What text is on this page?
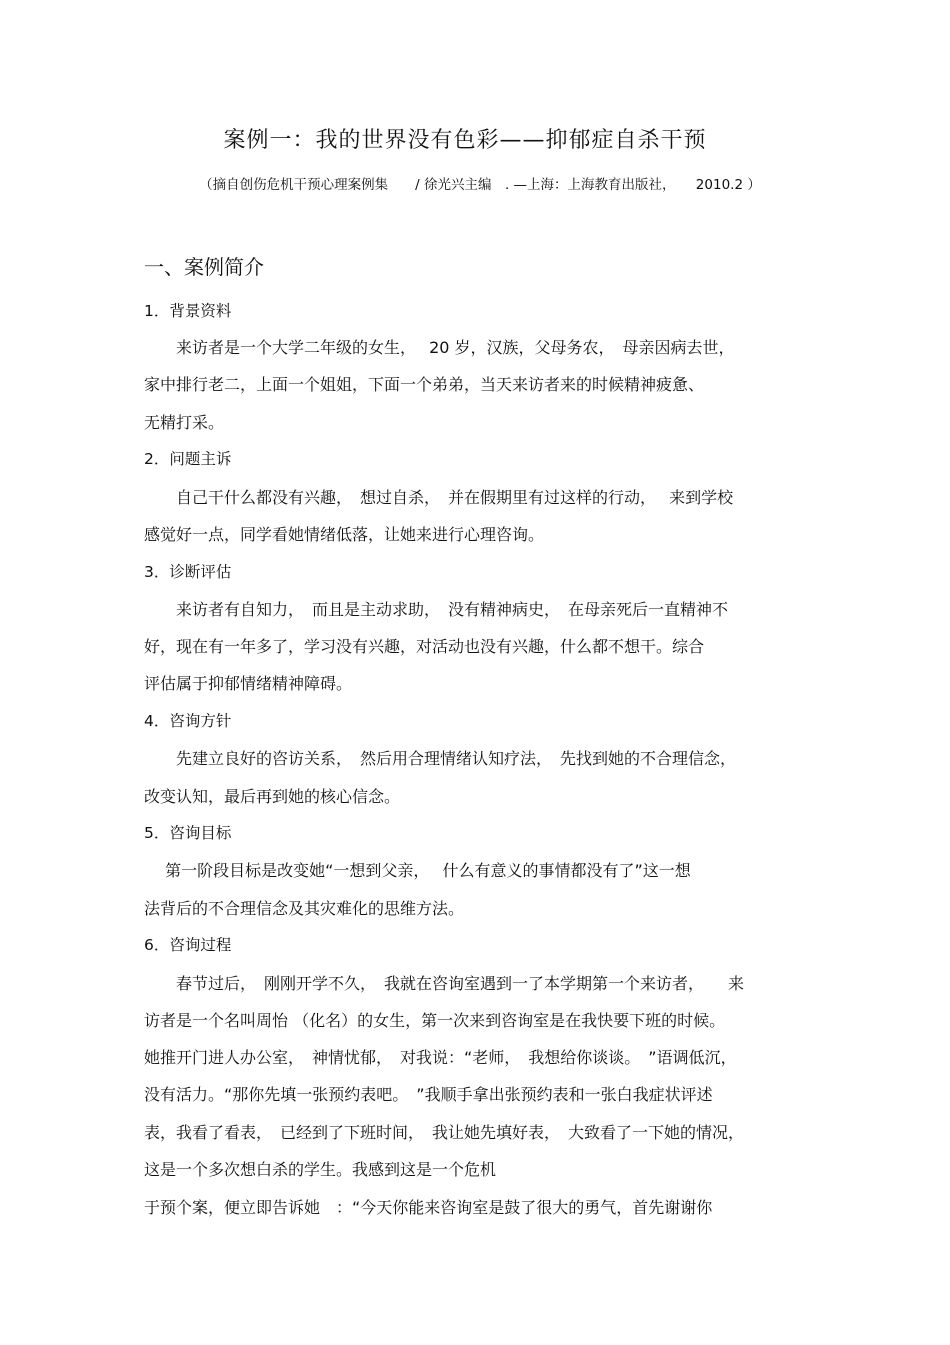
案例一：我的世界没有色彩——抑郁症自杀干预
（摘自创伤危机干预心理案例集　　/ 徐光兴主编　. —上海：上海教育出版社，　　2010.2 ）
一、案例简介
1．背景资料
　　来访者是一个大学二年级的女生，　 20 岁，汉族，父母务农，　母亲因病去世，
家中排行老二，上面一个姐姐，下面一个弟弟，当天来访者来的时候精神疲惫、
无精打采。
2．问题主诉
　　自己干什么都没有兴趣，　想过自杀，　并在假期里有过这样的行动，　 来到学校
感觉好一点，同学看她情绪低落，让她来进行心理咨询。
3．诊断评估
　　来访者有自知力，　而且是主动求助，　没有精神病史，　在母亲死后一直精神不
好，现在有一年多了，学习没有兴趣，对活动也没有兴趣，什么都不想干。综合
评估属于抑郁情绪精神障碍。
4．咨询方针
　　先建立良好的咨访关系，　然后用合理情绪认知疗法，　先找到她的不合理信念，
改变认知，最后再到她的核心信念。
5．咨询目标
　 第一阶段目标是改变她“一想到父亲，　 什么有意义的事情都没有了”这一想
法背后的不合理信念及其灾难化的思维方法。
6．咨询过程
　　春节过后，　刚刚开学不久，　我就在咨询室遇到一了本学期第一个来访者，　　来
访者是一个名叫周怡 （化名）的女生，第一次来到咨询室是在我快要下班的时候。
她推开门进人办公室，　神情忧郁，　对我说：“老师，　我想给你谈谈。　”语调低沉，
没有活力。“那你先填一张预约表吧。　”我顺手拿出张预约表和一张白我症状评述
表，我看了看表，　已经到了下班时间，　我让她先填好表，　大致看了一下她的情况，
这是一个多次想白杀的学生。我感到这是一个危机
于预个案，便立即告诉她　：“今天你能来咨询室是鼓了很大的勇气，首先谢谢你
